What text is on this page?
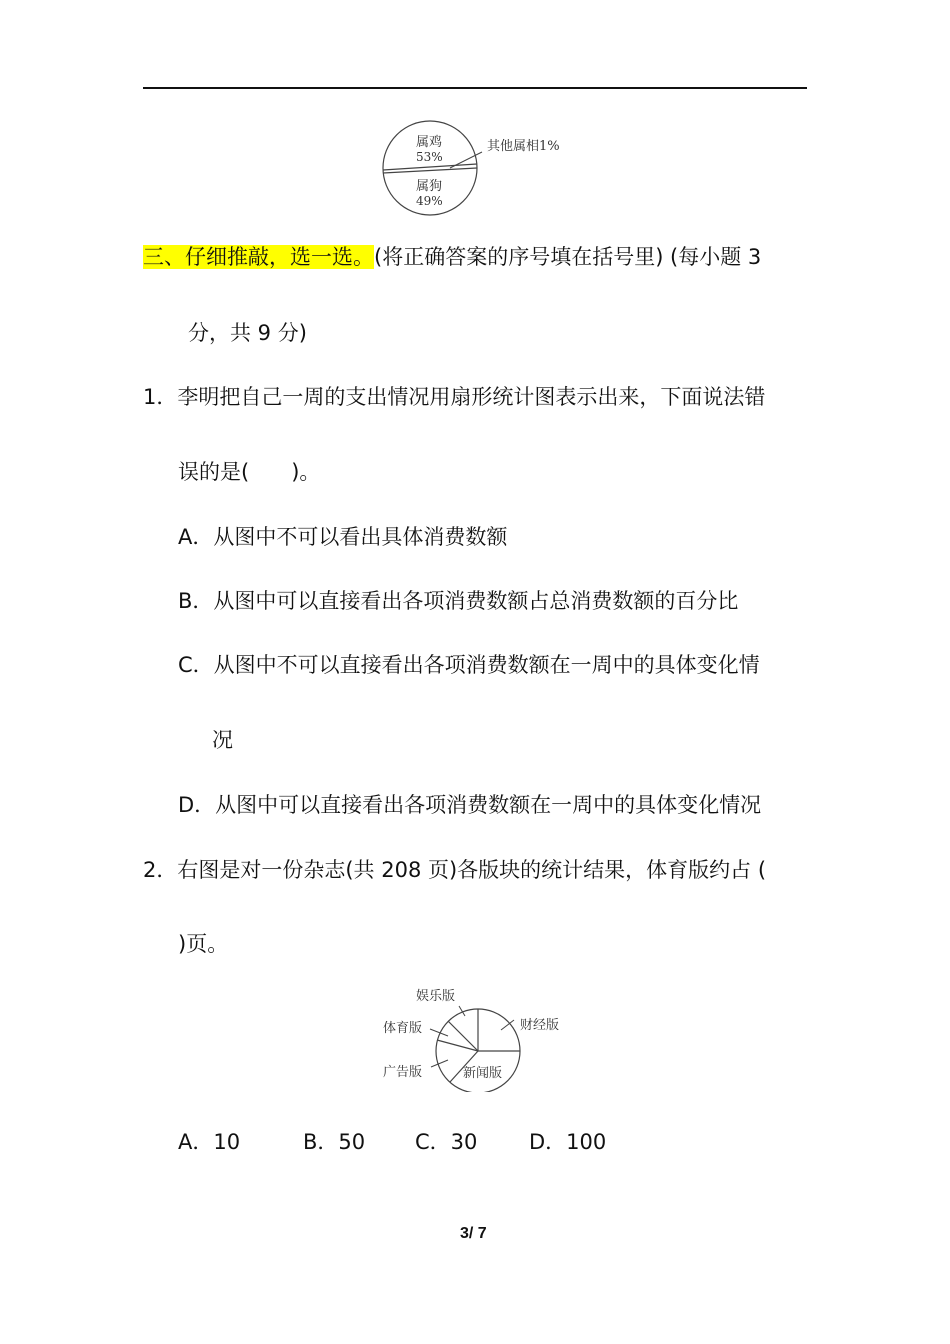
属鸡
53%
属狗
49%
其他属相1%
三、仔细推敲，选一选。(将正确答案的序号填在括号里) (每小题 3
分，共 9 分)
1．李明把自己一周的支出情况用扇形统计图表示出来，下面说法错
误的是(　　)。
A．从图中不可以看出具体消费数额
B．从图中可以直接看出各项消费数额占总消费数额的百分比
C．从图中不可以直接看出各项消费数额在一周中的具体变化情
况
D．从图中可以直接看出各项消费数额在一周中的具体变化情况
2．右图是对一份杂志(共 208 页)各版块的统计结果，体育版约占 (
)页。
娱乐版
财经版
新闻版
广告版
体育版
A．10	B．50 C．30 D．100
3/ 7
